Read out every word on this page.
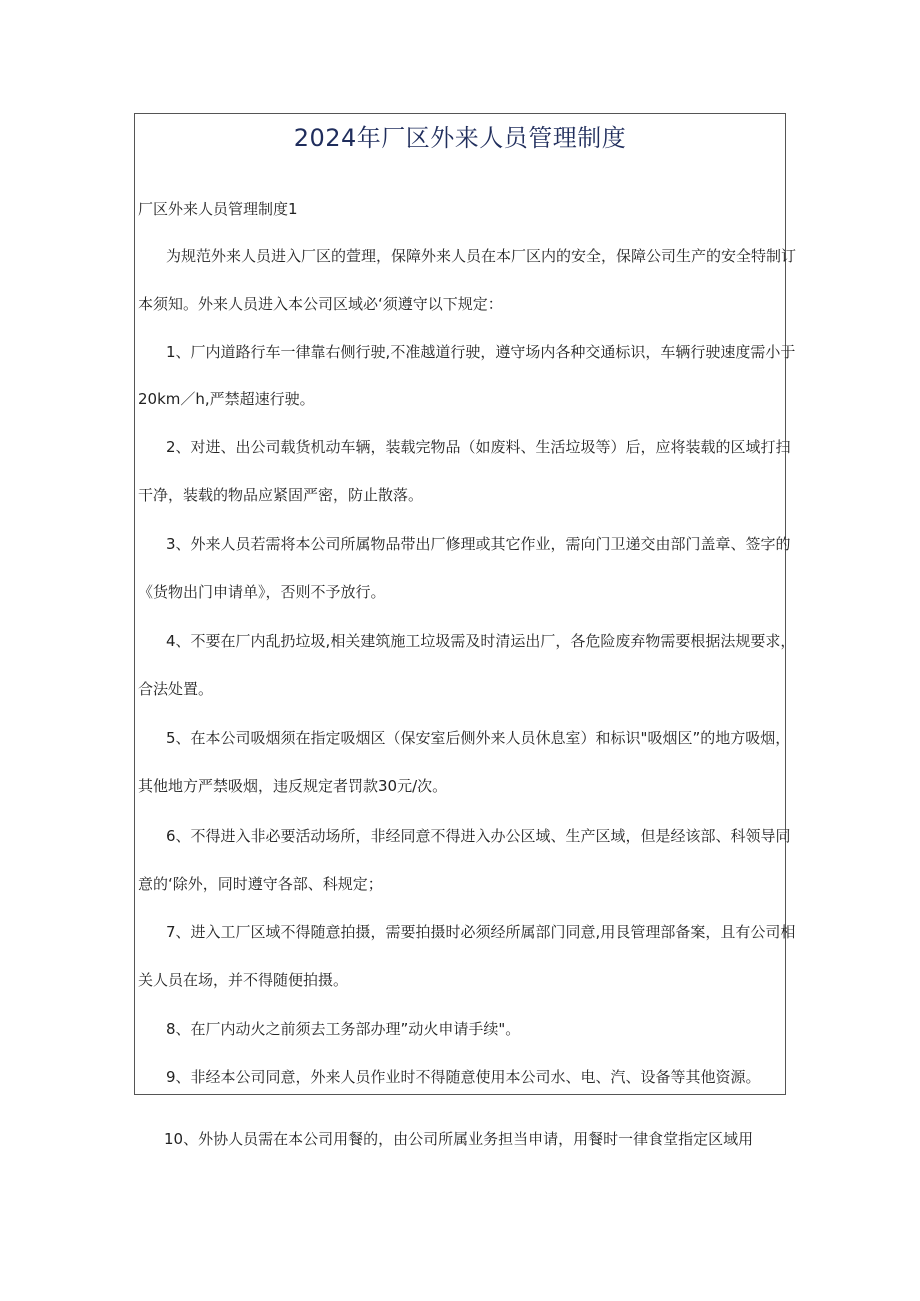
2024年厂区外来人员管理制度

厂区外来人员管理制度1

为规范外来人员进入厂区的萱理，保障外来人员在本厂区内的安全，保障公司生产的安全特制订

本须知。外来人员进入本公司区域必‘须遵守以下规定：

1、厂内道路行车一律靠右侧行驶,不准越道行驶，遵守场内各种交通标识，车辆行驶速度需小于

20km／h,严禁超速行驶。

2、对进、出公司载货机动车辆，装载完物品（如废料、生活垃圾等）后，应将装载的区域打扫

干净，装载的物品应紧固严密，防止散落。

3、外来人员若需将本公司所属物品带出厂修理或其它作业，需向门卫递交由部门盖章、签字的

《货物出门申请单》，否则不予放行。

4、不要在厂内乱扔垃圾,相关建筑施工垃圾需及时清运出厂，各危险废弃物需要根据法规要求，

合法处置。

5、在本公司吸烟须在指定吸烟区（保安室后侧外来人员休息室）和标识"吸烟区”的地方吸烟，

其他地方严禁吸烟，违反规定者罚款30元/次。

6、不得进入非必要活动场所，非经同意不得进入办公区域、生产区域，但是经该部、科领导同

意的‘除外，同时遵守各部、科规定；

7、进入工厂区域不得随意拍摄，需要拍摄时必须经所属部门同意,用艮管理部备案，且有公司相

关人员在场，并不得随便拍摄。

8、在厂内动火之前须去工务部办理”动火申请手续"。

9、非经本公司同意，外来人员作业时不得随意使用本公司水、电、汽、设备等其他资源。

10、外协人员需在本公司用餐的，由公司所属业务担当申请，用餐时一律食堂指定区域用
